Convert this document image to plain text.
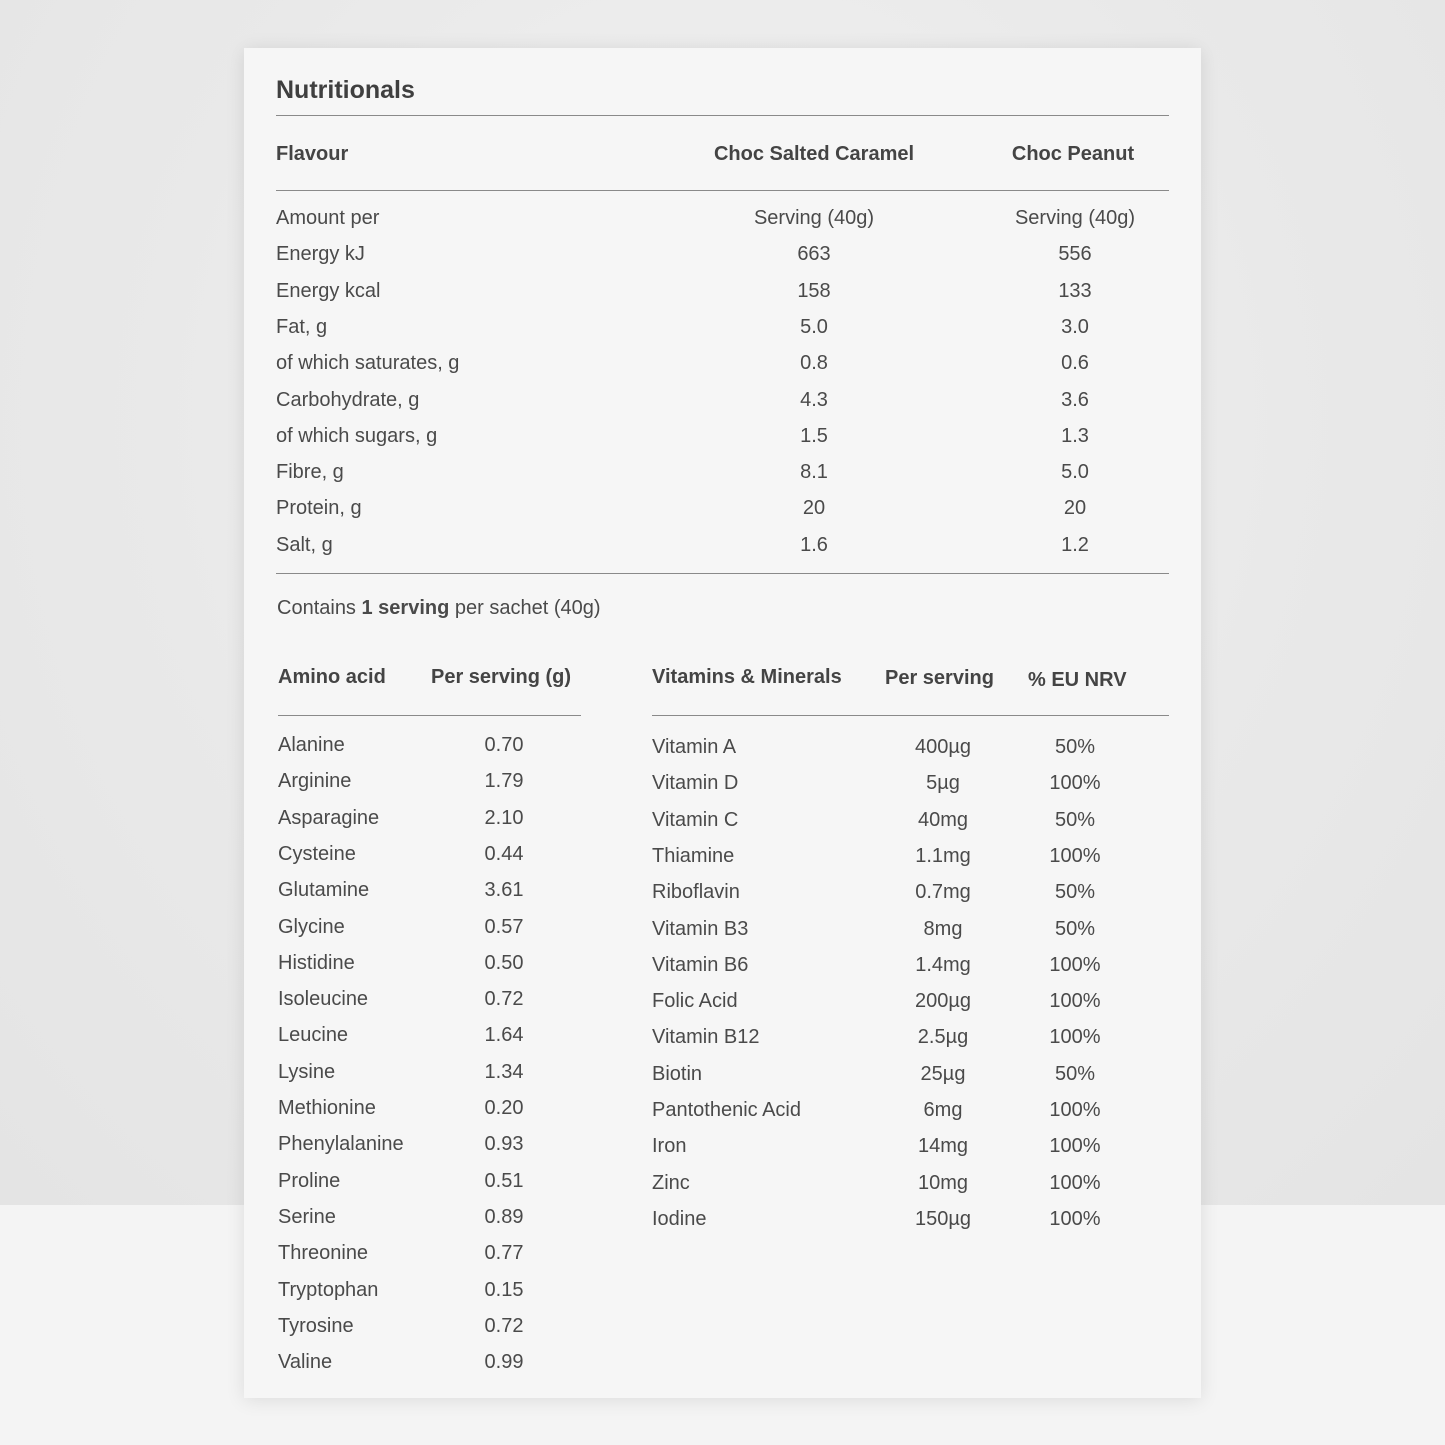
Nutritionals
Flavour	Choc Salted Caramel	Choc Peanut
Amount per	Serving (40g)	Serving (40g)
Energy kJ	663	556
Energy kcal	158	133
Fat, g	5.0	3.0
of which saturates, g	0.8	0.6
Carbohydrate, g	4.3	3.6
of which sugars, g	1.5	1.3
Fibre, g	8.1	5.0
Protein, g	20	20
Salt, g	1.6	1.2
Contains 1 serving per sachet (40g)
Amino acid Per serving (g)
Alanine	0.70
Arginine	1.79
Asparagine	2.10
Cysteine	0.44
Glutamine	3.61
Glycine	0.57
Histidine	0.50
Isoleucine	0.72
Leucine	1.64
Lysine	1.34
Methionine	0.20
Phenylalanine	0.93
Proline	0.51
Serine	0.89
Threonine	0.77
Tryptophan	0.15
Tyrosine	0.72
Valine	0.99
Vitamins & Minerals Per serving % EU NRV
Vitamin A	400µg	50%
Vitamin D	5µg	100%
Vitamin C	40mg	50%
Thiamine	1.1mg	100%
Riboflavin	0.7mg	50%
Vitamin B3	8mg	50%
Vitamin B6	1.4mg	100%
Folic Acid	200µg	100%
Vitamin B12	2.5µg	100%
Biotin	25µg	50%
Pantothenic Acid	6mg	100%
Iron	14mg	100%
Zinc	10mg	100%
Iodine	150µg	100%
